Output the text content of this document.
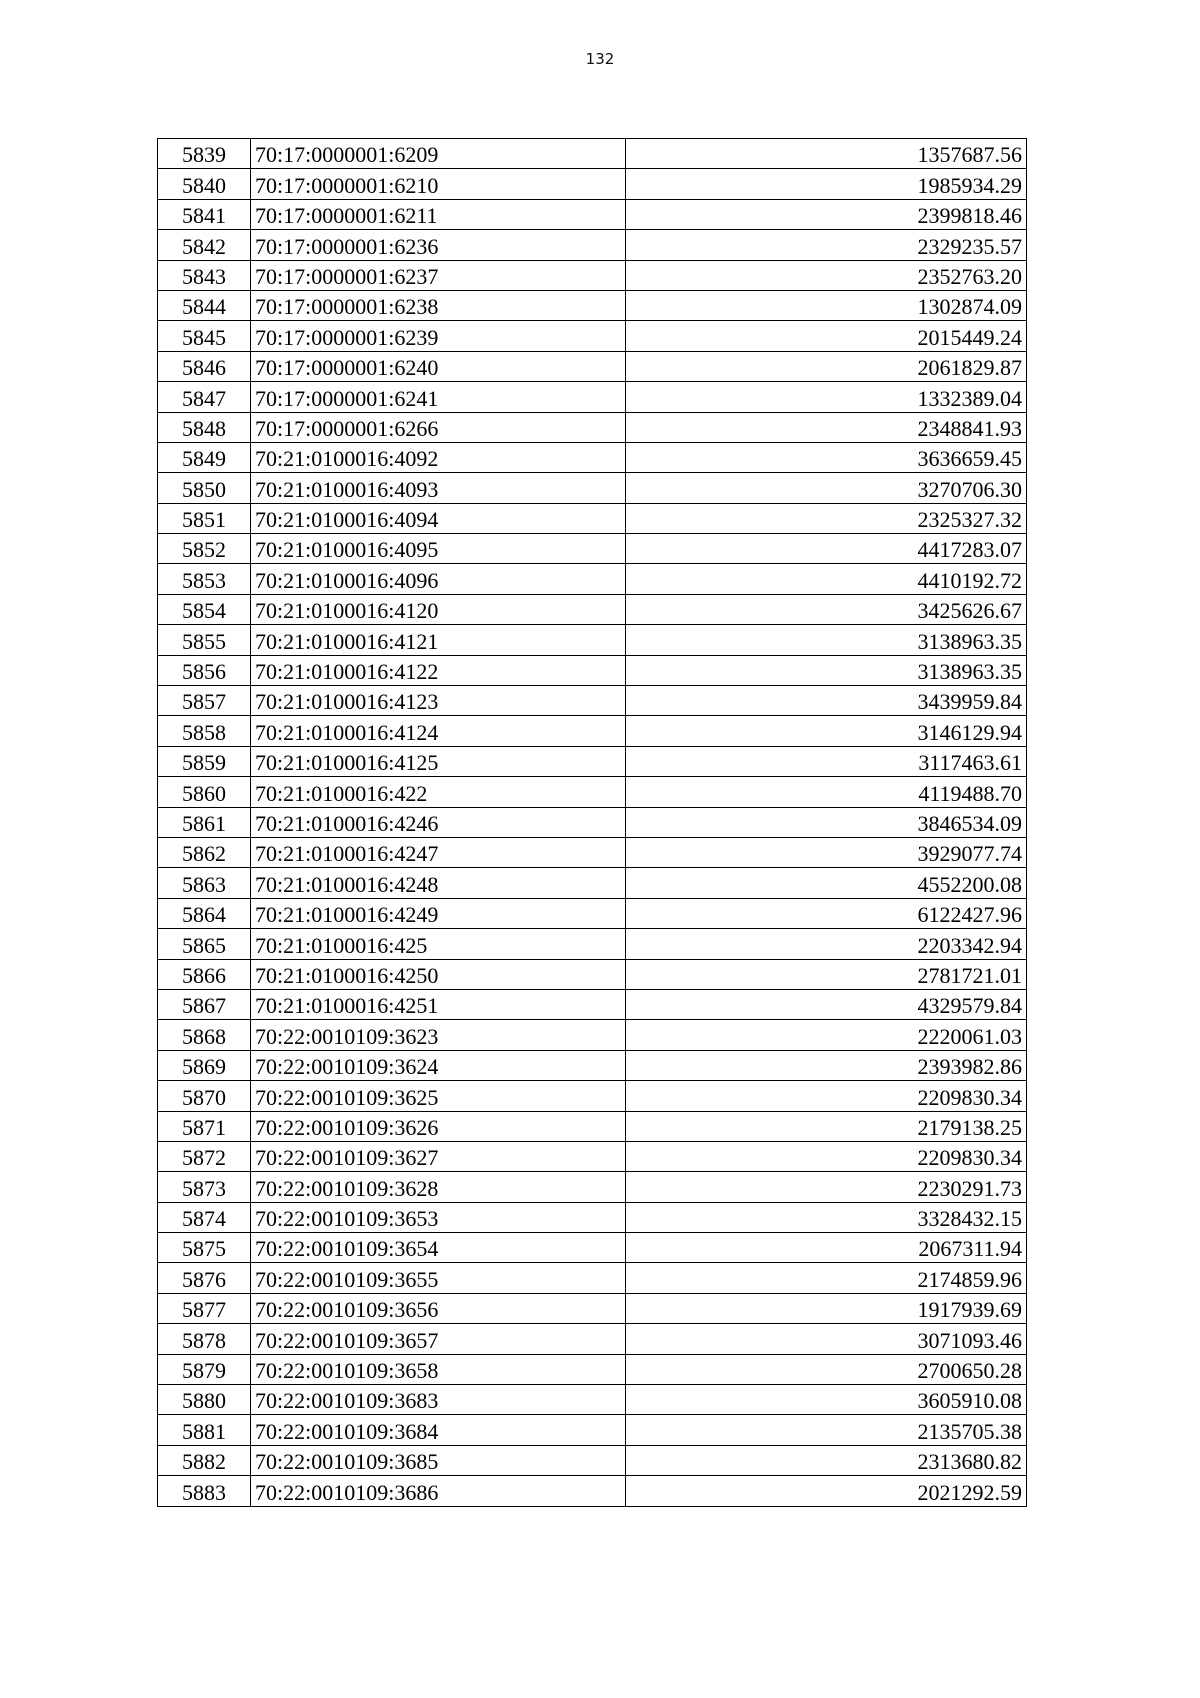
132
5839	70:17:0000001:6209	1357687.56
5840	70:17:0000001:6210	1985934.29
5841	70:17:0000001:6211	2399818.46
5842	70:17:0000001:6236	2329235.57
5843	70:17:0000001:6237	2352763.20
5844	70:17:0000001:6238	1302874.09
5845	70:17:0000001:6239	2015449.24
5846	70:17:0000001:6240	2061829.87
5847	70:17:0000001:6241	1332389.04
5848	70:17:0000001:6266	2348841.93
5849	70:21:0100016:4092	3636659.45
5850	70:21:0100016:4093	3270706.30
5851	70:21:0100016:4094	2325327.32
5852	70:21:0100016:4095	4417283.07
5853	70:21:0100016:4096	4410192.72
5854	70:21:0100016:4120	3425626.67
5855	70:21:0100016:4121	3138963.35
5856	70:21:0100016:4122	3138963.35
5857	70:21:0100016:4123	3439959.84
5858	70:21:0100016:4124	3146129.94
5859	70:21:0100016:4125	3117463.61
5860	70:21:0100016:422	4119488.70
5861	70:21:0100016:4246	3846534.09
5862	70:21:0100016:4247	3929077.74
5863	70:21:0100016:4248	4552200.08
5864	70:21:0100016:4249	6122427.96
5865	70:21:0100016:425	2203342.94
5866	70:21:0100016:4250	2781721.01
5867	70:21:0100016:4251	4329579.84
5868	70:22:0010109:3623	2220061.03
5869	70:22:0010109:3624	2393982.86
5870	70:22:0010109:3625	2209830.34
5871	70:22:0010109:3626	2179138.25
5872	70:22:0010109:3627	2209830.34
5873	70:22:0010109:3628	2230291.73
5874	70:22:0010109:3653	3328432.15
5875	70:22:0010109:3654	2067311.94
5876	70:22:0010109:3655	2174859.96
5877	70:22:0010109:3656	1917939.69
5878	70:22:0010109:3657	3071093.46
5879	70:22:0010109:3658	2700650.28
5880	70:22:0010109:3683	3605910.08
5881	70:22:0010109:3684	2135705.38
5882	70:22:0010109:3685	2313680.82
5883	70:22:0010109:3686	2021292.59
